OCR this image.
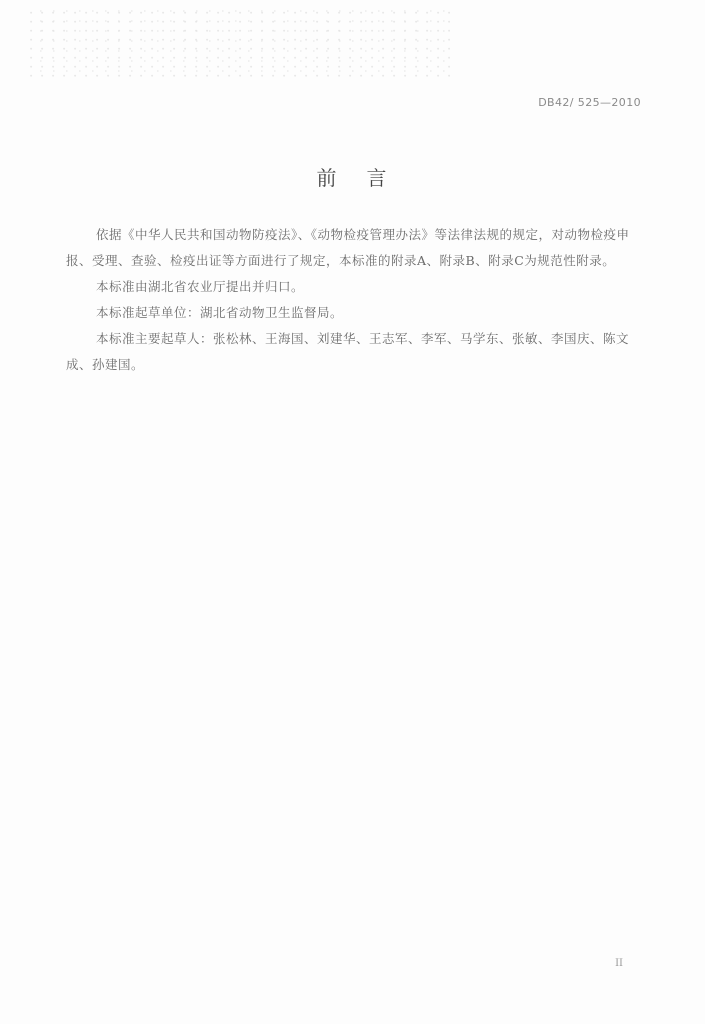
DB42/ 525—2010
前 言

依据《中华人民共和国动物防疫法》、《动物检疫管理办法》等法律法规的规定，对动物检疫申报、受理、查验、检疫出证等方面进行了规定，本标准的附录A、附录B、附录C为规范性附录。

本标准由湖北省农业厅提出并归口。

本标准起草单位：湖北省动物卫生监督局。

本标准主要起草人：张松林、王海国、刘建华、王志军、李军、马学东、张敏、李国庆、陈文成、孙建国。

II
